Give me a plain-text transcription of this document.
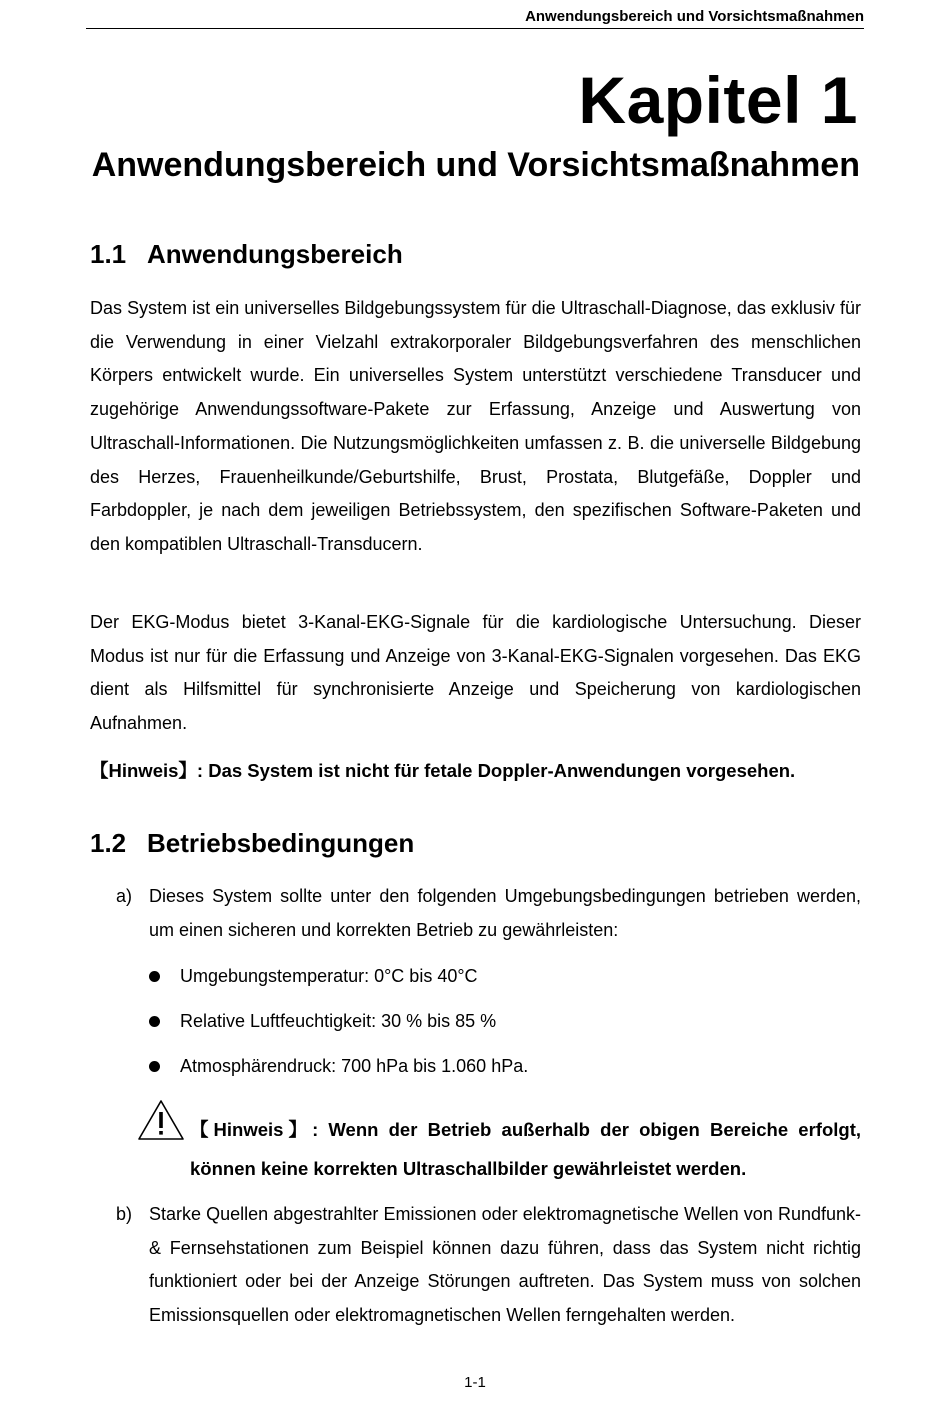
Anwendungsbereich und Vorsichtsmaßnahmen
Kapitel 1
Anwendungsbereich und Vorsichtsmaßnahmen
1.1 Anwendungsbereich

Das System ist ein universelles Bildgebungssystem für die Ultraschall-Diagnose, das exklusiv für die Verwendung in einer Vielzahl extrakorporaler Bildgebungsverfahren des menschlichen Körpers entwickelt wurde. Ein universelles System unterstützt verschiedene Transducer und zugehörige Anwendungssoftware-Pakete zur Erfassung, Anzeige und Auswertung von Ultraschall-Informationen. Die Nutzungsmöglichkeiten umfassen z. B. die universelle Bildgebung des Herzes, Frauenheilkunde/Geburtshilfe, Brust, Prostata, Blutgefäße, Doppler und Farbdoppler, je nach dem jeweiligen Betriebssystem, den spezifischen Software-Paketen und den kompatiblen Ultraschall-Transducern.

Der EKG-Modus bietet 3-Kanal-EKG-Signale für die kardiologische Untersuchung. Dieser Modus ist nur für die Erfassung und Anzeige von 3-Kanal-EKG-Signalen vorgesehen. Das EKG dient als Hilfsmittel für synchronisierte Anzeige und Speicherung von kardiologischen Aufnahmen.

【Hinweis】: Das System ist nicht für fetale Doppler-Anwendungen vorgesehen.
1.2 Betriebsbedingungen
a) Dieses System sollte unter den folgenden Umgebungsbedingungen betrieben werden, um einen sicheren und korrekten Betrieb zu gewährleisten:
Umgebungstemperatur: 0°C bis 40°C
Relative Luftfeuchtigkeit: 30 % bis 85 %
Atmosphärendruck: 700 hPa bis 1.060 hPa.
【Hinweis】: Wenn der Betrieb außerhalb der obigen Bereiche erfolgt,
können keine korrekten Ultraschallbilder gewährleistet werden.
b) Starke Quellen abgestrahlter Emissionen oder elektromagnetische Wellen von Rundfunk- & Fernsehstationen zum Beispiel können dazu führen, dass das System nicht richtig funktioniert oder bei der Anzeige Störungen auftreten. Das System muss von solchen Emissionsquellen oder elektromagnetischen Wellen ferngehalten werden.
1-1
